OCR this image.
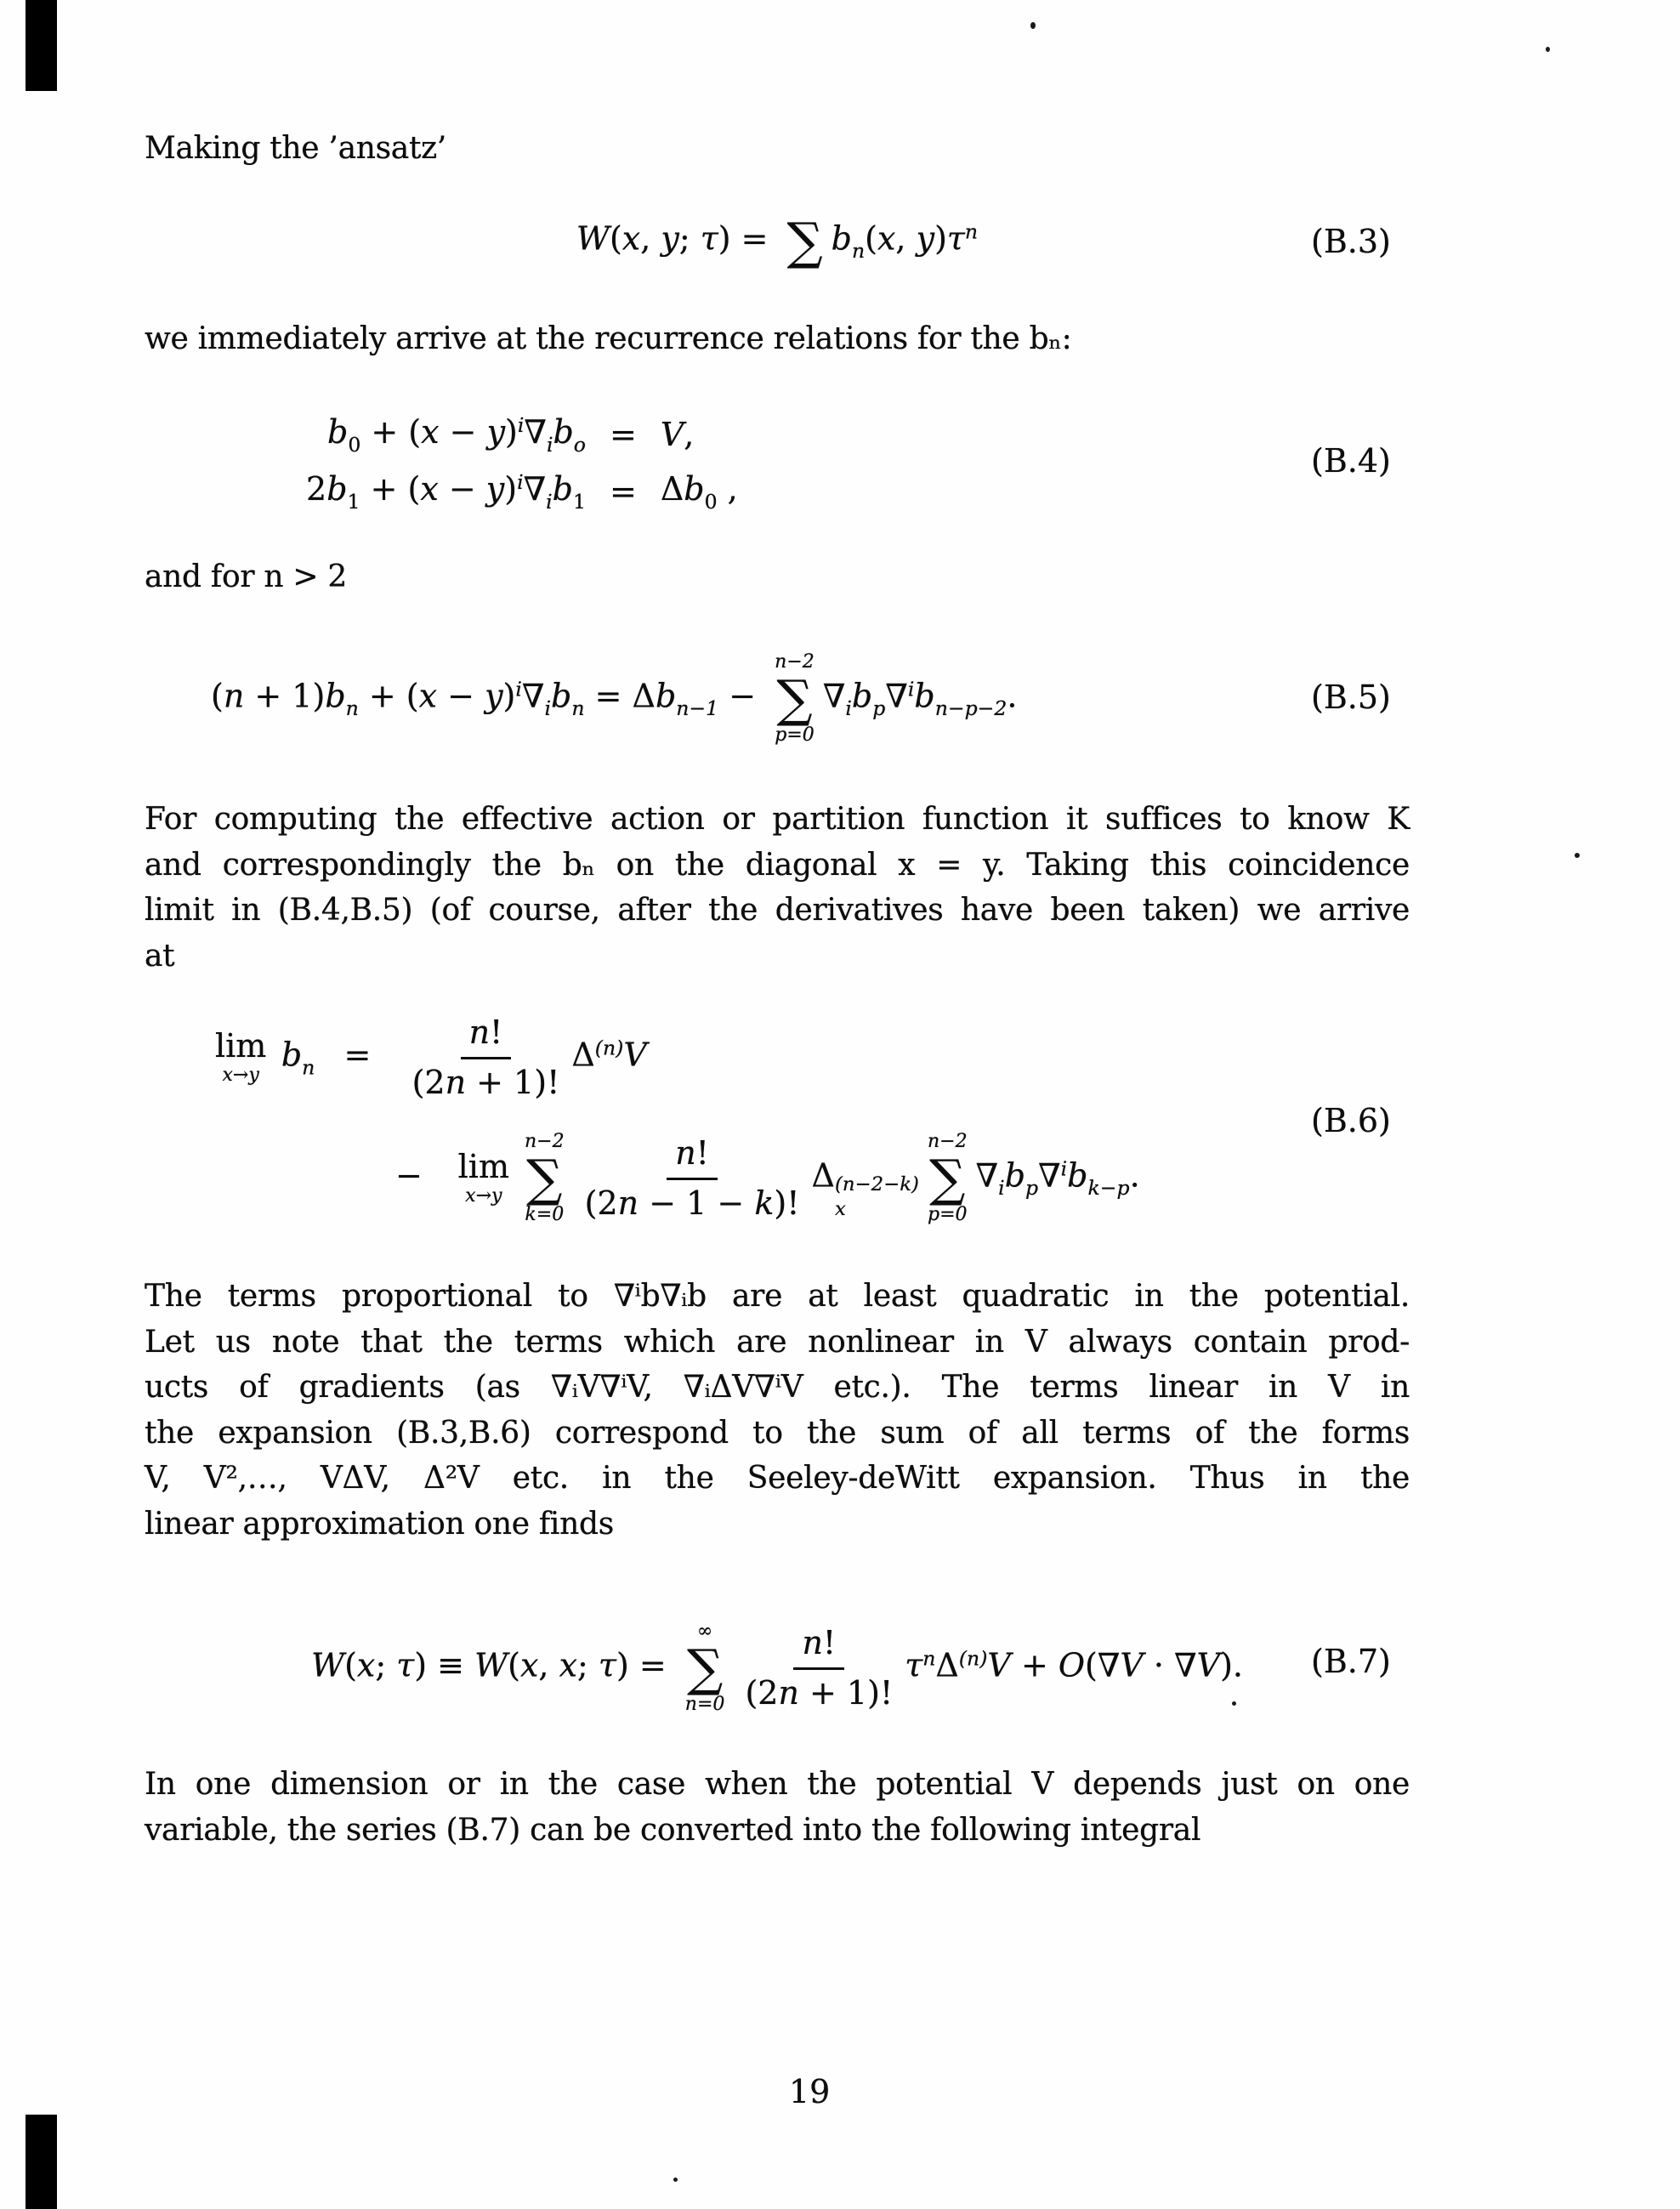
Making the ’ansatz’
W(x, y; τ) = ∑ $b_n(x$, $y)\tau^n$	(B.3)
we immediately arrive at the recurrence relations for the bₙ:
$b_0 + (x - y)^i\nabla_ib_o = V$,
$2b_1 + (x - y)^i\nabla_ib_1 = \Delta b_0$ ,
(B.4)
and for n > 2
$(n + 1)b_n + (x - y)^i\nabla_ib_n = \Delta b_{n-1}$ −
n−2
∑
p=0
$\nabla_ib_p\nabla^ib_{n-p-2}$.	(B.5)
For computing the effective action or partition function it suffices to know K
and correspondingly the bₙ on the diagonal x = y. Taking this coincidence
limit in (B.4,B.5) (of course, after the derivatives have been taken) we arrive
at
lim
x→y
$b_n = \frac{n!}{(2n + 1)!} \Delta^{(n)}V$
− lim
x→y
n−2
∑
$k=0 \frac{n!}{(2n - 1 - k)!}$ Δ (n−2−k)
x
n−2
∑
p=0
$\nabla_ib_p\nabla^ib_{k-p}$.
(B.6)
The terms proportional to ∇ⁱb∇ᵢb are at least quadratic in the potential.
Let us note that the terms which are nonlinear in V always contain prod-
ucts of gradients (as ∇ᵢV∇ⁱV, ∇ᵢΔV∇ⁱV etc.). The terms linear in V in
the expansion (B.3,B.6) correspond to the sum of all terms of the forms
V, V²,…, VΔV, Δ²V etc. in the Seeley-deWitt expansion. Thus in the
linear approximation one finds
W(x; τ) ≡ W(x, x; τ) =
∞
∑
$n=0 \frac{n!}{(2n + 1)!} \tau^n\Delta^{(n)}V + O(\nabla V \cdot \nabla V)$. (B.7)
In one dimension or in the case when the potential V depends just on one
variable, the series (B.7) can be converted into the following integral
19
